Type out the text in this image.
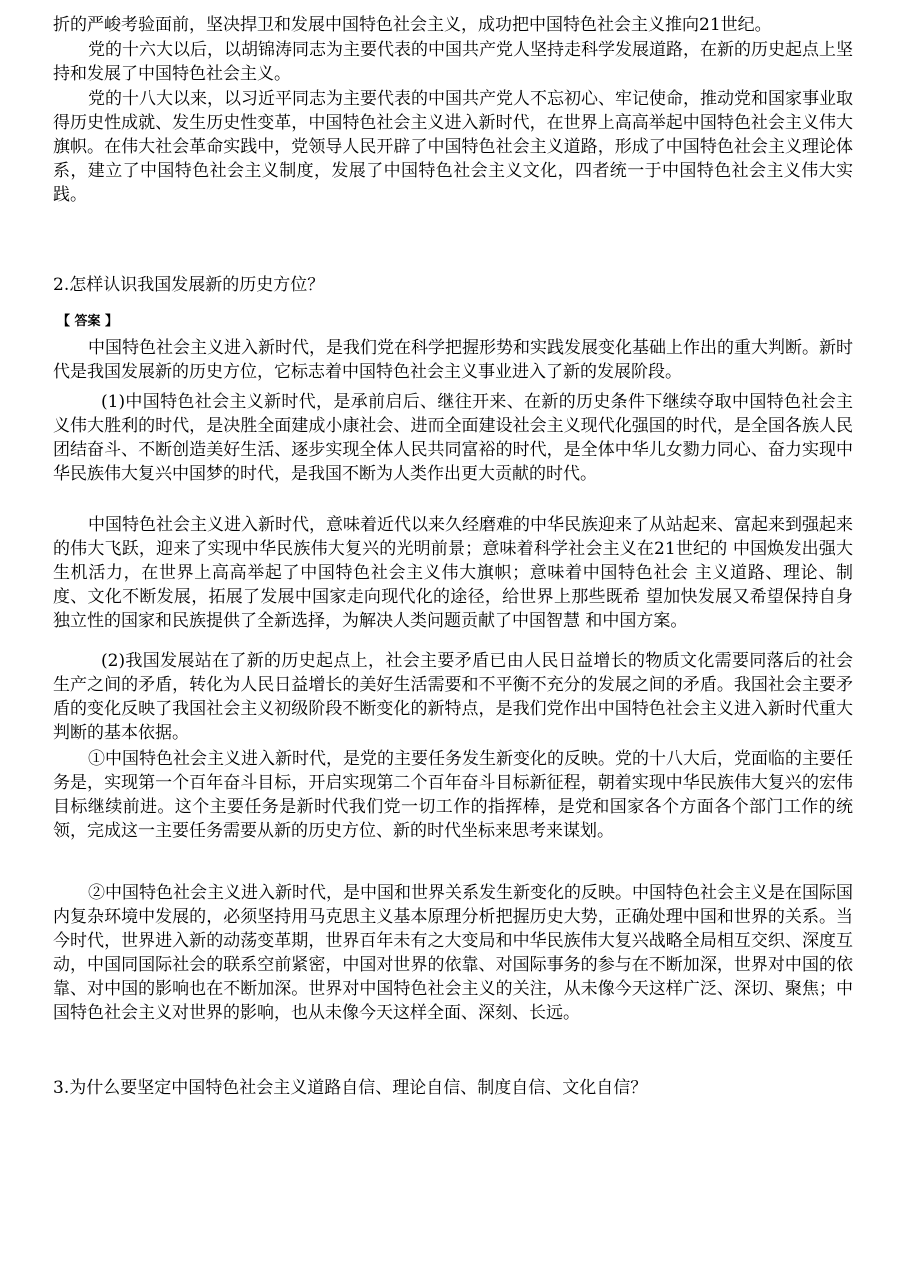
折的严峻考验面前，坚决捍卫和发展中国特色社会主义，成功把中国特色社会主义推向21世纪。

党的十六大以后，以胡锦涛同志为主要代表的中国共产党人坚持走科学发展道路，在新的历史起点上坚持和发展了中国特色社会主义。

党的十八大以来，以习近平同志为主要代表的中国共产党人不忘初心、牢记使命，推动党和国家事业取得历史性成就、发生历史性变革，中国特色社会主义进入新时代，在世界上高高举起中国特色社会主义伟大旗帜。在伟大社会革命实践中，党领导人民开辟了中国特色社会主义道路，形成了中国特色社会主义理论体系，建立了中国特色社会主义制度，发展了中国特色社会主义文化，四者统一于中国特色社会主义伟大实践。

2.怎样认识我国发展新的历史方位？

【 答案 】

中国特色社会主义进入新时代，是我们党在科学把握形势和实践发展变化基础上作出的重大判断。新时代是我国发展新的历史方位，它标志着中国特色社会主义事业进入了新的发展阶段。

(1)中国特色社会主义新时代，是承前启后、继往开来、在新的历史条件下继续夺取中国特色社会主义伟大胜利的时代，是决胜全面建成小康社会、进而全面建设社会主义现代化强国的时代，是全国各族人民团结奋斗、不断创造美好生活、逐步实现全体人民共同富裕的时代，是全体中华儿女勠力同心、奋力实现中华民族伟大复兴中国梦的时代，是我国不断为人类作出更大贡献的时代。

中国特色社会主义进入新时代，意味着近代以来久经磨难的中华民族迎来了从站起来、富起来到强起来的伟大飞跃，迎来了实现中华民族伟大复兴的光明前景；意味着科学社会主义在21世纪的 中国焕发出强大生机活力，在世界上高高举起了中国特色社会主义伟大旗帜；意味着中国特色社会 主义道路、理论、制度、文化不断发展，拓展了发展中国家走向现代化的途径，给世界上那些既希 望加快发展又希望保持自身独立性的国家和民族提供了全新选择，为解决人类问题贡献了中国智慧 和中国方案。

(2)我国发展站在了新的历史起点上，社会主要矛盾已由人民日益增长的物质文化需要同落后的社会生产之间的矛盾，转化为人民日益增长的美好生活需要和不平衡不充分的发展之间的矛盾。我国社会主要矛盾的变化反映了我国社会主义初级阶段不断变化的新特点，是我们党作出中国特色社会主义进入新时代重大判断的基本依据。

①中国特色社会主义进入新时代，是党的主要任务发生新变化的反映。党的十八大后，党面临的主要任务是，实现第一个百年奋斗目标，开启实现第二个百年奋斗目标新征程，朝着实现中华民族伟大复兴的宏伟目标继续前进。这个主要任务是新时代我们党一切工作的指挥棒，是党和国家各个方面各个部门工作的统领，完成这一主要任务需要从新的历史方位、新的时代坐标来思考来谋划。

②中国特色社会主义进入新时代，是中国和世界关系发生新变化的反映。中国特色社会主义是在国际国内复杂环境中发展的，必须坚持用马克思主义基本原理分析把握历史大势，正确处理中国和世界的关系。当今时代，世界进入新的动荡变革期，世界百年未有之大变局和中华民族伟大复兴战略全局相互交织、深度互动，中国同国际社会的联系空前紧密，中国对世界的依靠、对国际事务的参与在不断加深，世界对中国的依靠、对中国的影响也在不断加深。世界对中国特色社会主义的关注，从未像今天这样广泛、深切、聚焦；中国特色社会主义对世界的影响，也从未像今天这样全面、深刻、长远。

3.为什么要坚定中国特色社会主义道路自信、理论自信、制度自信、文化自信？
